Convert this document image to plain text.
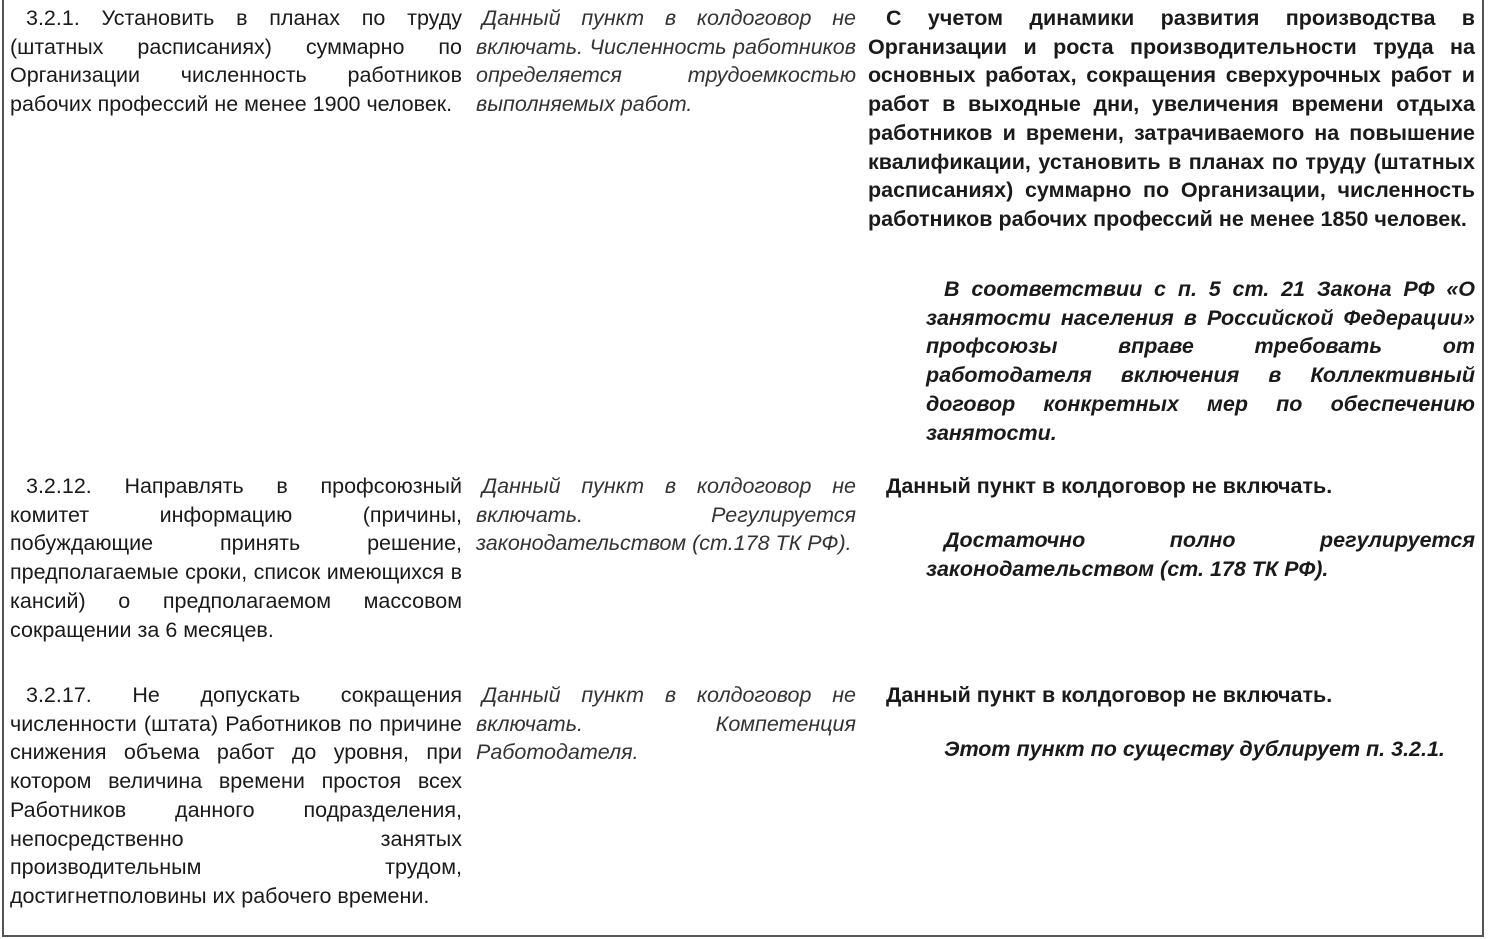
3.2.1. Установить в планах по труду (штатных расписаниях) суммарно по Организации численность работников рабочих профессий не менее 1900 человек.

Данный пункт в колдоговор не включать. Численность работников определяется трудоемкостью выполняемых работ.

С учетом динамики развития производства в Организации и роста производительности труда на основных работах, сокращения сверхурочных работ и работ в выходные дни, увеличения времени отдыха работников и времени, затрачиваемого на повышение квалификации, установить в планах по труду (штатных расписаниях) суммарно по Организации, численность работников рабочих профессий не менее 1850 человек.

В соответствии с п. 5 ст. 21 Закона РФ «О занятости населения в Российской Федерации» профсоюзы вправе требовать от работодателя включения в Коллективный договор конкретных мер по обеспечению занятости.

3.2.12. Направлять в профсоюзный комитет информацию (причины, побуждающие принять решение, предполагаемые сроки, список имеющихся в кансий) о предполагаемом массовом сокращении за 6 месяцев.

Данный пункт в колдоговор не включать. Регулируется законодательством (ст.178 ТК РФ).

Данный пункт в колдоговор не включать.

Достаточно полно регулируется законодательством (ст. 178 ТК РФ).

3.2.17. Не допускать сокращения численности (штата) Работников по причине снижения объема работ до уровня, при котором величина времени простоя всех Работников данного подразделения, непосредственно занятых производительным трудом, достигнетполовины их рабочего времени.

Данный пункт в колдоговор не включать. Компетенция Работодателя.

Данный пункт в колдоговор не включать.

Этот пункт по существу дублирует п. 3.2.1.
